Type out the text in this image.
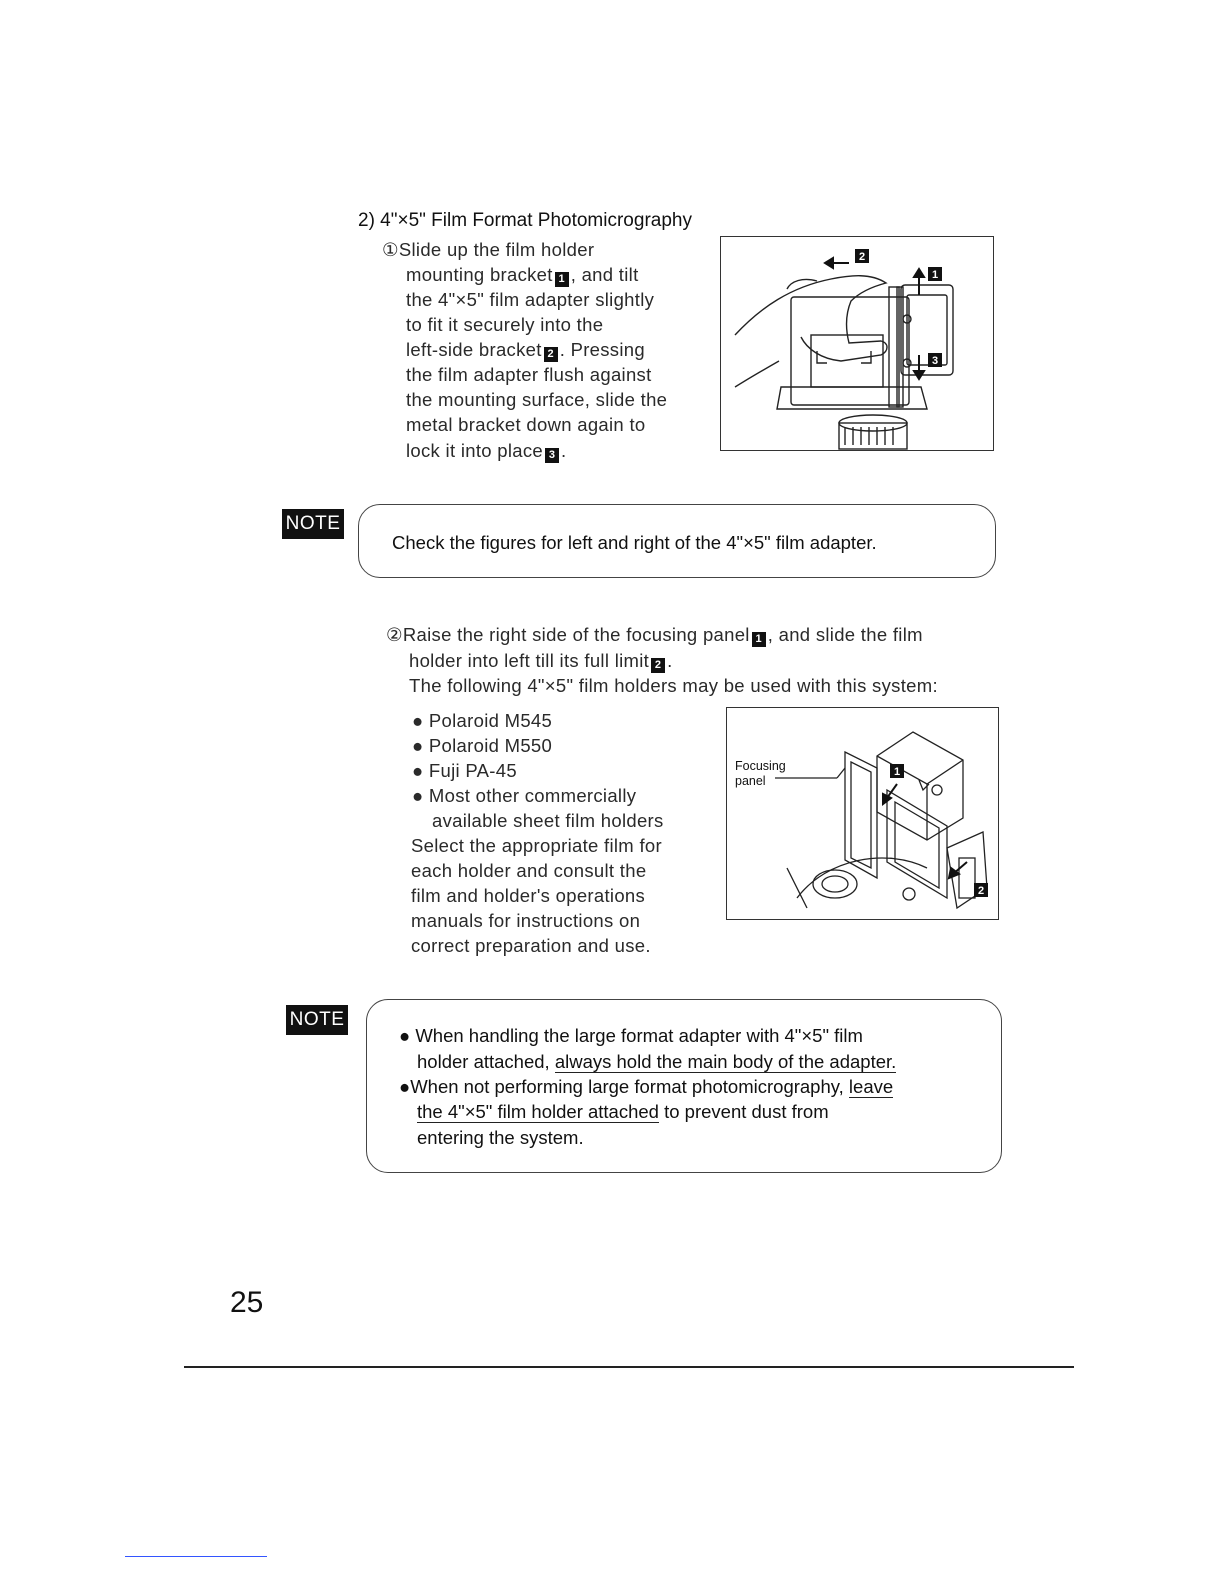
2) 4"×5" Film Format Photomicrography
①Slide up the film holder
mounting bracket 1 , and tilt
the 4"×5" film adapter slightly
to fit it securely into the
left-side bracket 2 . Pressing
the film adapter flush against
the mounting surface, slide the
metal bracket down again to
lock it into place 3 .
2
1
3
NOTE
Check the figures for left and right of the 4"×5" film adapter.
②Raise the right side of the focusing panel 1 , and slide the film
holder into left till its full limit 2 .
The following 4"×5" film holders may be used with this system:
● Polaroid M545
● Polaroid M550
● Fuji PA-45
● Most other commercially
available sheet film holders
Select the appropriate film for
each holder and consult the
film and holder's operations
manuals for instructions on
correct preparation and use.
Focusing
panel
1
2
NOTE
● When handling the large format adapter with 4"×5" film
holder attached, always hold the main body of the adapter.
●When not performing large format photomicrography, leave
the 4"×5" film holder attached to prevent dust from
entering the system.
25
